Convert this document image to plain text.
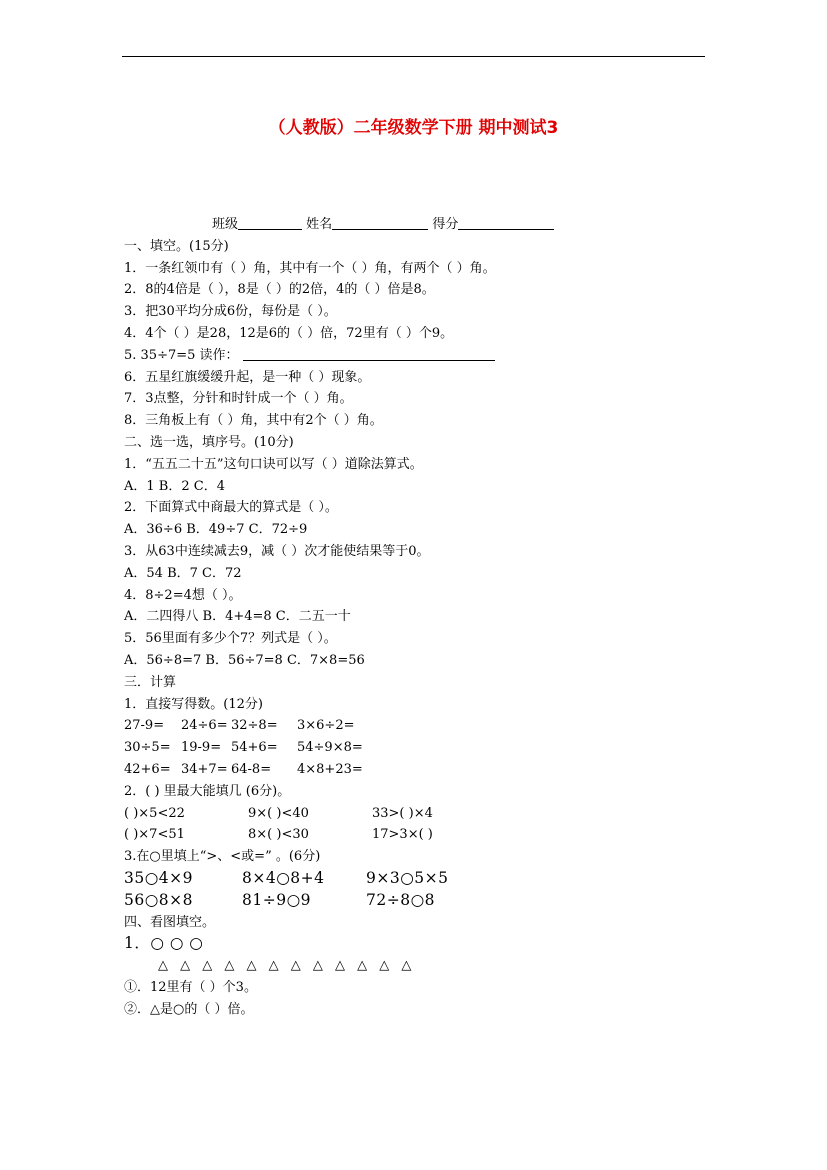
（人教版）二年级数学下册 期中测试3
班级	姓名	得分
一、填空。(15分)
1．一条红领巾有（ ）角，其中有一个（ ）角，有两个（ ）角。
2．8的4倍是（ ），8是（ ）的2倍，4的（ ）倍是8。
3．把30平均分成6份，每份是（ ）。
4．4个（ ）是28，12是6的（ ）倍，72里有（ ）个9。
5. 35÷7=5 读作：
6．五星红旗缓缓升起，是一种（ ）现象。
7．3点整，分针和时针成一个（ ）角。
8．三角板上有（ ）角，其中有2个（ ）角。
二、选一选，填序号。(10分)
1．“五五二十五”这句口诀可以写（ ）道除法算式。
A．1 B．2 C．4
2．下面算式中商最大的算式是（ ）。
A．36÷6 B．49÷7 C．72÷9
3．从63中连续减去9，减（ ）次才能使结果等于0。
A．54 B．7 C．72
4．8÷2=4想（ ）。
A．二四得八 B．4+4=8 C．二五一十
5．56里面有多少个7？列式是（ ）。
A．56÷8=7 B．56÷7=8 C．7×8=56
三．计算
1．直接写得数。(12分)
27-9= 24÷6= 32÷8= 3×6÷2=
30÷5= 19-9= 54+6= 54÷9×8=
42+6= 34+7= 64-8= 4×8+23=
2．( ) 里最大能填几 (6分)。
( )×5<22	9×( )<40	33>( )×4
( )×7<51	8×( )<30	17>3×( )
3.在○里填上“>、<或=” 。(6分)
35○4×9	8×4○8+4	9×3○5×5
56○8×8	81÷9○9	72÷8○8
四、看图填空。
1．○ ○ ○
△ △ △ △ △ △ △ △ △ △ △ △
①．12里有（ ）个3。
②．△是○的（ ）倍。
